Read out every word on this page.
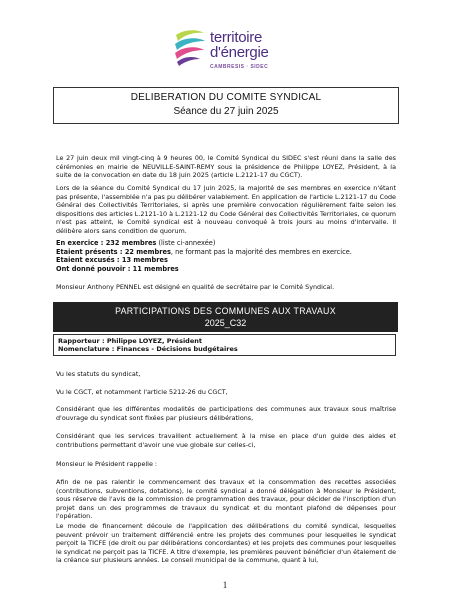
territoire
d'énergie
CAMBRESIS · SIDEC
DELIBERATION DU COMITE SYNDICAL
Séance du 27 juin 2025

Le 27 juin deux mil vingt-cinq à 9 heures 00, le Comité Syndical du SIDEC s'est réuni dans la salle des cérémonies en mairie de NEUVILLE-SAINT-REMY sous la présidence de Philippe LOYEZ, Président, à la suite de la convocation en date du 18 juin 2025 (article L.2121-17 du CGCT).

Lors de la séance du Comité Syndical du 17 juin 2025, la majorité de ses membres en exercice n'étant pas présente, l'assemblée n'a pas pu délibérer valablement. En application de l'article L.2121-17 du Code Général des Collectivités Territoriales, si après une première convocation régulièrement faite selon les dispositions des articles L.2121-10 à L.2121-12 du Code Général des Collectivités Territoriales, ce quorum n'est pas atteint, le Comité syndical est à nouveau convoqué à trois jours au moins d'intervalle. Il délibère alors sans condition de quorum.

En exercice : 232 membres (liste ci-annexée)
Etaient présents : 22 membres, ne formant pas la majorité des membres en exercice.
Etaient excusés : 13 membres
Ont donné pouvoir : 11 membres

Monsieur Anthony PENNEL est désigné en qualité de secrétaire par le Comité Syndical.

PARTICIPATIONS DES COMMUNES AUX TRAVAUX
2025_C32
Rapporteur : Philippe LOYEZ, Président
Nomenclature : Finances - Décisions budgétaires

Vu les statuts du syndicat,

Vu le CGCT, et notamment l'article 5212-26 du CGCT,

Considérant que les différentes modalités de participations des communes aux travaux sous maîtrise d'ouvrage du syndicat sont fixées par plusieurs délibérations,

Considérant que les services travaillent actuellement à la mise en place d'un guide des aides et contributions permettant d'avoir une vue globale sur celles-ci,

Monsieur le Président rappelle :

Afin de ne pas ralentir le commencement des travaux et la consommation des recettes associées (contributions, subventions, dotations), le comité syndical a donné délégation à Monsieur le Président, sous réserve de l'avis de la commission de programmation des travaux, pour décider de l'inscription d'un projet dans un des programmes de travaux du syndicat et du montant plafond de dépenses pour l'opération.

Le mode de financement découle de l'application des délibérations du comité syndical, lesquelles peuvent prévoir un traitement différencié entre les projets des communes pour lesquelles le syndicat perçoit la TICFE (de droit ou par délibérations concordantes) et les projets des communes pour lesquelles le syndicat ne perçoit pas la TICFE. A titre d'exemple, les premières peuvent bénéficier d'un étalement de la créance sur plusieurs années. Le conseil municipal de la commune, quant à lui,

1
